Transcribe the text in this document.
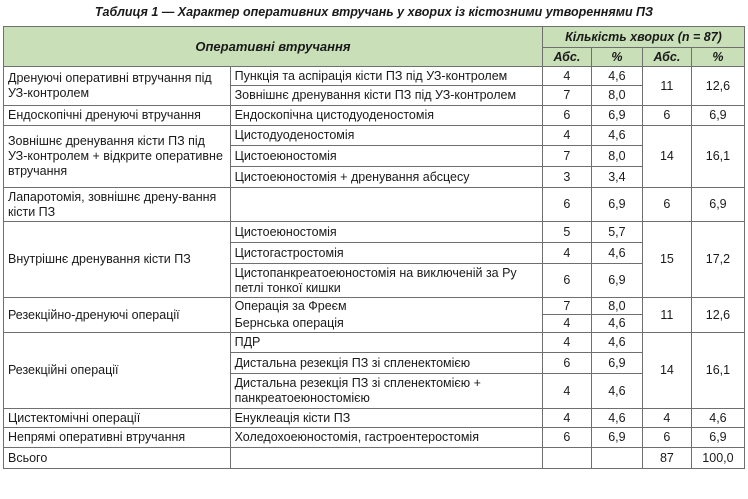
Таблиця 1 — Характер оперативних втручань у хворих із кістозними утвореннями ПЗ
Оперативні втручання		Кількість хворих (n = 87)			
		Абс.	%	Абс.	%
Дренуючі оперативні втручання під УЗ-контролем	Пункція та аспірація кісти ПЗ під УЗ-контролем	4	4,6	11	12,6
	Зовнішнє дренування кісти ПЗ під УЗ-контролем	7	8,0		
Ендоскопічні дренуючі втручання	Ендоскопічна цистодуоденостомія	6	6,9	6	6,9
Зовнішнє дренування кісти ПЗ під УЗ-контролем + відкрите оперативне втручання	Цистодуоденостомія	4	4,6	14	16,1
	Цистоеюностомія	7	8,0		
	Цистоеюностомія + дренування абсцесу	3	3,4		
Лапаротомія, зовнішнє дрену-вання кісти ПЗ		6	6,9	6	6,9
Внутрішнє дренування кісти ПЗ	Цистоеюностомія	5	5,7	15	17,2
	Цистогастростомія	4	4,6		
	Цистопанкреатоеюностомія на виключеній за Ру петлі тонкої кишки	6	6,9		
Резекційно-дренуючі операції	Операція за Фреєм	7	8,0	11	12,6
	Бернська операція	4	4,6		
Резекційні операції	ПДР	4	4,6	14	16,1
	Дистальна резекція ПЗ зі спленектомією	6	6,9		
	Дистальна резекція ПЗ зі спленектомією + панкреатоеюностомією	4	4,6		
Цистектомічні операції	Енуклеація кісти ПЗ	4	4,6	4	4,6
Непрямі оперативні втручання	Холедохоеюностомія, гастроентеростомія	6	6,9	6	6,9
Всього				87	100,0
